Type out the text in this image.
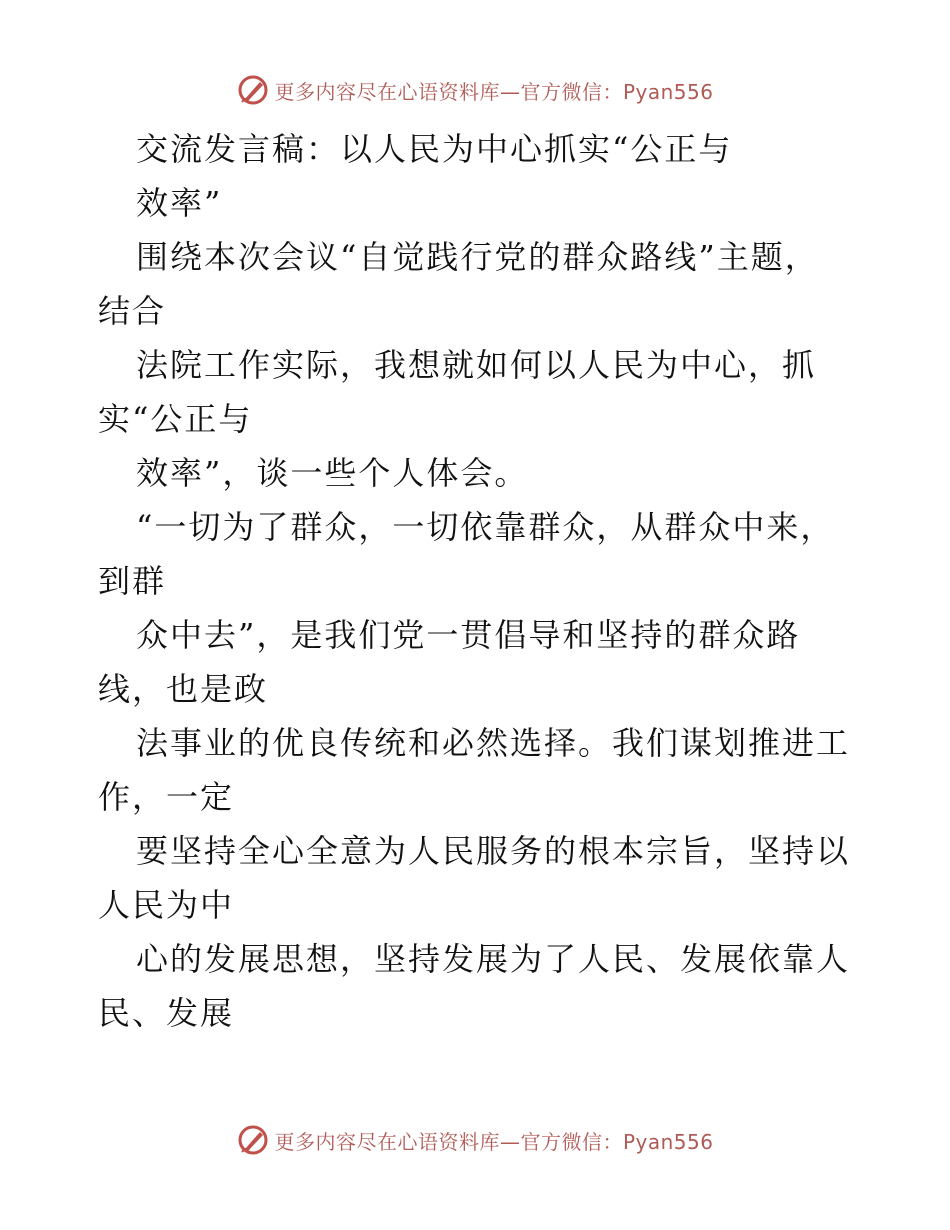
更多内容尽在心语资料库—官方微信：Pyan556
交流发言稿：以人民为中心抓实“公正与
效率”
围绕本次会议“自觉践行党的群众路线”主题，
结合
法院工作实际，我想就如何以人民为中心，抓
实“公正与
效率”，谈一些个人体会。
“一切为了群众，一切依靠群众，从群众中来，
到群
众中去”，是我们党一贯倡导和坚持的群众路
线，也是政
法事业的优良传统和必然选择。我们谋划推进工
作，一定
要坚持全心全意为人民服务的根本宗旨，坚持以
人民为中
心的发展思想，坚持发展为了人民、发展依靠人
民、发展
更多内容尽在心语资料库—官方微信：Pyan556
